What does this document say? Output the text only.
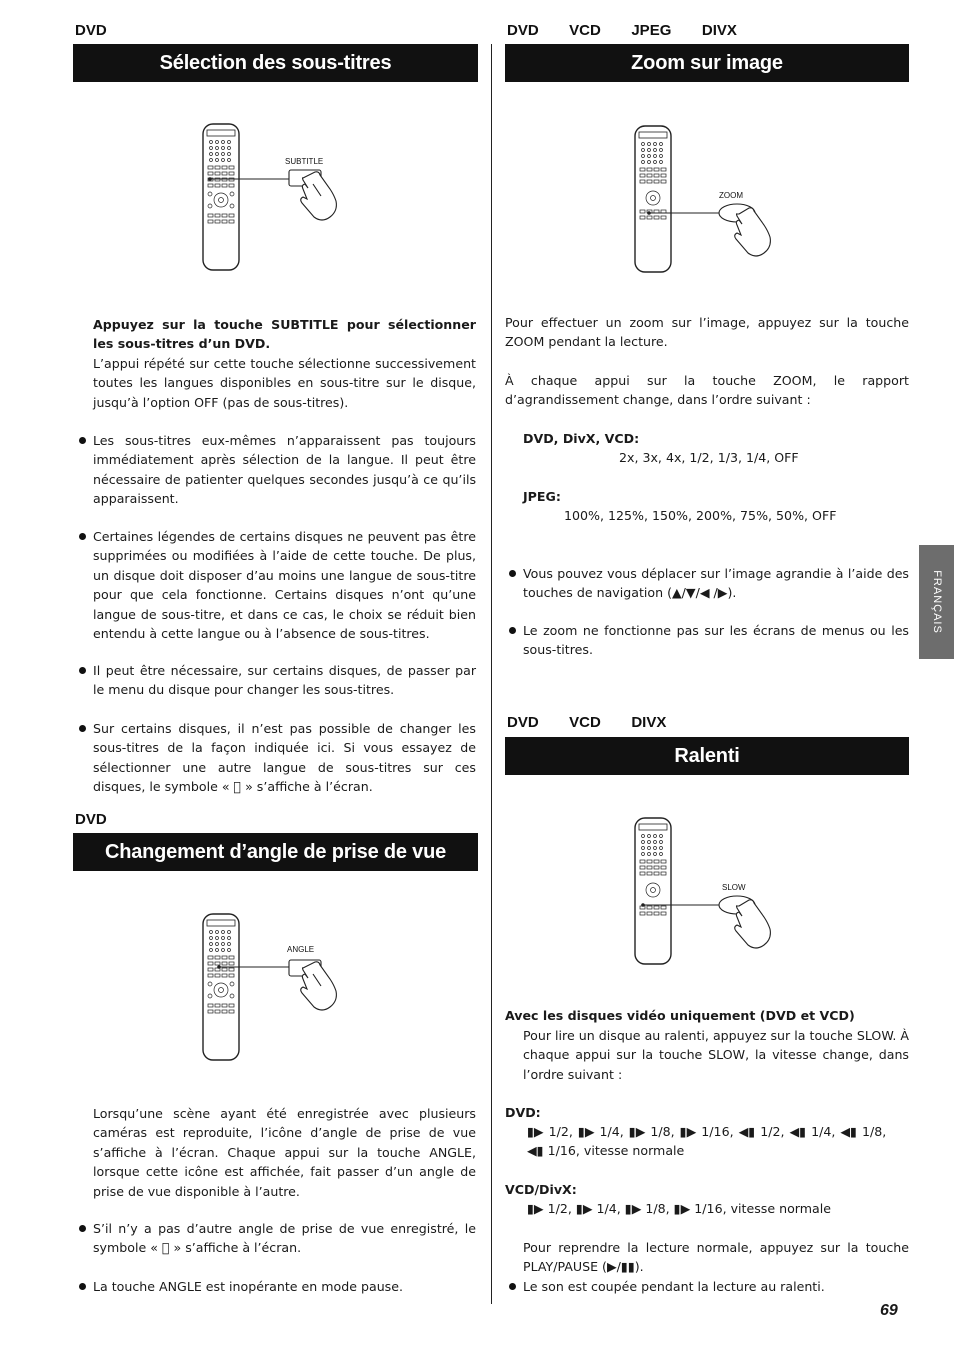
DVD
Sélection des sous-titres
SUBTITLE
Appuyez sur la touche SUBTITLE pour sélectionner les sous-titres d’un DVD.
L’appui répété sur cette touche sélectionne successivement toutes les langues disponibles en sous-titre sur le disque, jusqu’à l’option OFF (pas de sous-titres).
Les sous-titres eux-mêmes n’apparaissent pas toujours immédiatement après sélection de la langue. Il peut être nécessaire de patienter quelques secondes jusqu’à ce qu’ils apparaissent.
Certaines légendes de certains disques ne peuvent pas être supprimées ou modifiées à l’aide de cette touche. De plus, un disque doit disposer d’au moins une langue de sous-titre pour que cela fonctionne. Certains disques n’ont qu’une langue de sous-titre, et dans ce cas, le choix se réduit bien entendu à cette langue ou à l’absence de sous-titres.
Il peut être nécessaire, sur certains disques, de passer par le menu du disque pour changer les sous-titres.
Sur certains disques, il n’est pas possible de changer les sous-titres de la façon indiquée ici. Si vous essayez de sélectionner une autre langue de sous-titres sur ces disques, le symbole « ⃠ » s’affiche à l’écran.
DVD
Changement d’angle de prise de vue
ANGLE
Lorsqu’une scène ayant été enregistrée avec plusieurs caméras est reproduite, l’icône d’angle de prise de vue s’affiche à l’écran. Chaque appui sur la touche ANGLE, lorsque cette icône est affichée, fait passer d’un angle de prise de vue disponible à l’autre.
S’il n’y a pas d’autre angle de prise de vue enregistré, le symbole « ⃠ » s’affiche à l’écran.
La touche ANGLE est inopérante en mode pause.
DVD   VCD   JPEG   DIVX
Zoom sur image
ZOOM
Pour effectuer un zoom sur l’image, appuyez sur la touche ZOOM pendant la lecture.
À chaque appui sur la touche ZOOM, le rapport d’agrandissement change, dans l’ordre suivant :
DVD, DivX, VCD:
2x, 3x, 4x, 1/2, 1/3, 1/4, OFF
JPEG:
100%, 125%, 150%, 200%, 75%, 50%, OFF
Vous pouvez vous déplacer sur l’image agrandie à l’aide des touches de navigation (▲/▼/◀ /▶).
Le zoom ne fonctionne pas sur les écrans de menus ou les sous-titres.
DVD   VCD   DIVX
Ralenti
SLOW
Avec les disques vidéo uniquement (DVD et VCD)
Pour lire un disque au ralenti, appuyez sur la touche SLOW. À chaque appui sur la touche SLOW, la vitesse change, dans l’ordre suivant :
DVD:
▮▶ 1/2, ▮▶ 1/4, ▮▶ 1/8, ▮▶ 1/16, ◀▮ 1/2, ◀▮ 1/4, ◀▮ 1/8,
◀▮ 1/16, vitesse normale
VCD/DivX:
▮▶ 1/2, ▮▶ 1/4, ▮▶ 1/8, ▮▶ 1/16, vitesse normale
Pour reprendre la lecture normale, appuyez sur la touche PLAY/PAUSE (▶/▮▮).
Le son est coupée pendant la lecture au ralenti.
FRANÇAIS
69
